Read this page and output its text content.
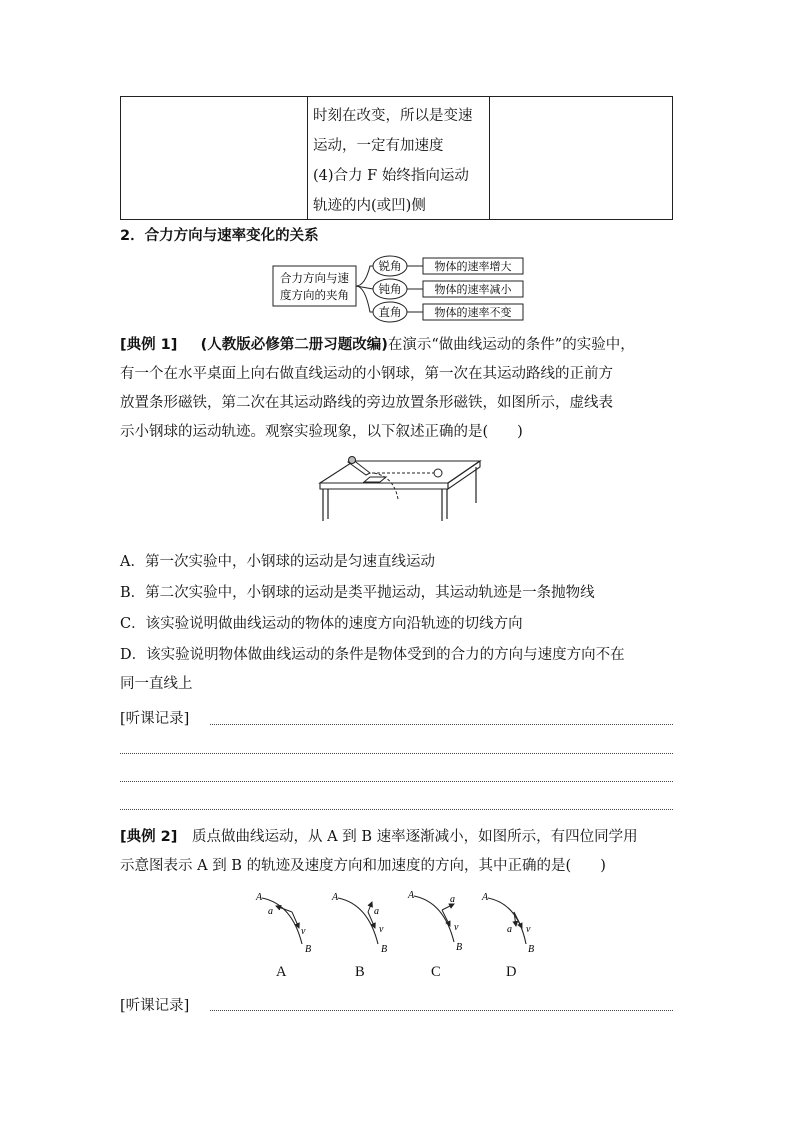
时刻在改变，所以是变速
运动，一定有加速度
(4)合力 F 始终指向运动
轨迹的内(或凹)侧
2．合力方向与速率变化的关系
合力方向与速
度方向的夹角
锐角
钝角
直角
物体的速率增大
物体的速率减小
物体的速率不变
[典例 1] (人教版必修第二册习题改编)在演示“做曲线运动的条件”的实验中，
有一个在水平桌面上向右做直线运动的小钢球，第一次在其运动路线的正前方
放置条形磁铁，第二次在其运动路线的旁边放置条形磁铁，如图所示，虚线表
示小钢球的运动轨迹。观察实验现象，以下叙述正确的是(　　)
A．第一次实验中，小钢球的运动是匀速直线运动
B．第二次实验中，小钢球的运动是类平抛运动，其运动轨迹是一条抛物线
C．该实验说明做曲线运动的物体的速度方向沿轨迹的切线方向
D．该实验说明物体做曲线运动的条件是物体受到的合力的方向与速度方向不在
同一直线上
[听课记录]
[典例 2] 质点做曲线运动，从 A 到 B 速率逐渐减小，如图所示，有四位同学用
示意图表示 A 到 B 的轨迹及速度方向和加速度的方向，其中正确的是(　　)
A
a
v
B
A
a
v
B
A	a
v
B
A
a v
B
A	B	C	D
[听课记录]
